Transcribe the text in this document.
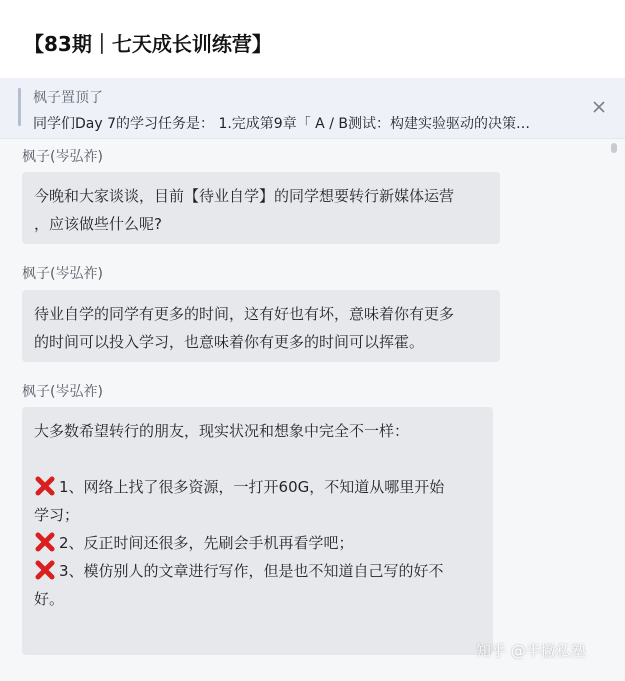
【83期｜七天成长训练营】
枫子置顶了
同学们Day 7的学习任务是： 1.完成第9章「 A / B测试：构建实验驱动的决策…
枫子(岑弘祚)
今晚和大家谈谈，目前【待业自学】的同学想要转行新媒体运营
，应该做些什么呢?
枫子(岑弘祚)
待业自学的同学有更多的时间，这有好也有坏，意味着你有更多
的时间可以投入学习，也意味着你有更多的时间可以挥霍。
枫子(岑弘祚)
大多数希望转行的朋友，现实状况和想象中完全不一样：

1、网络上找了很多资源，一打开60G，不知道从哪里开始
学习；
2、反正时间还很多，先刷会手机再看学吧；
3、模仿别人的文章进行写作，但是也不知道自己写的好不
好。
知乎 @半撇私塾
